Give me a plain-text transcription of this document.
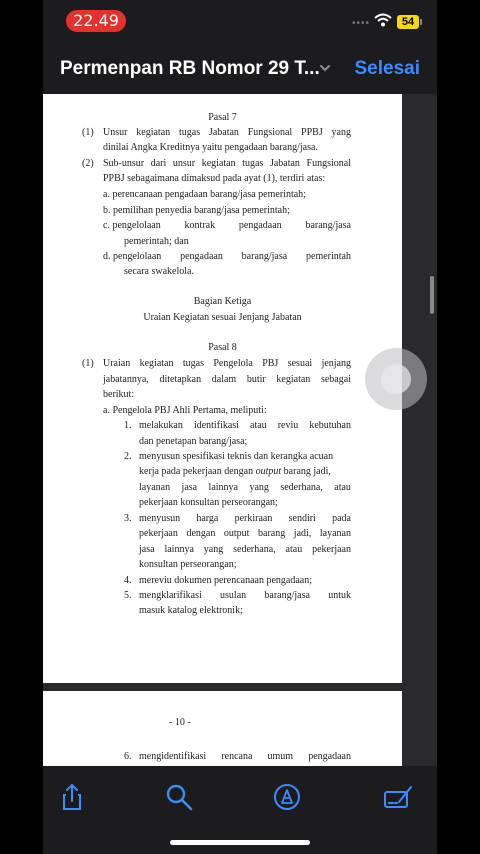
22.49	••••	54
Permenpan RB Nomor 29 T... Selesai
Pasal 7
(1) Unsur kegiatan tugas Jabatan Fungsional PPBJ yang
dinilai Angka Kreditnya yaitu pengadaan barang/jasa.
(2) Sub-unsur dari unsur kegiatan tugas Jabatan Fungsional
PPBJ sebagaimana dimaksud pada ayat (1), terdiri atas:
a. perencanaan pengadaan barang/jasa pemerintah;
b. pemilihan penyedia barang/jasa pemerintah;
c. pengelolaan kontrak pengadaan barang/jasa
pemerintah; dan
d. pengelolaan pengadaan barang/jasa pemerintah
secara swakelola.
Bagian Ketiga
Uraian Kegiatan sesuai Jenjang Jabatan
Pasal 8
(1) Uraian kegiatan tugas Pengelola PBJ sesuai jenjang
jabatannya, ditetapkan dalam butir kegiatan sebagai
berikut:
a. Pengelola PBJ Ahli Pertama, meliputi:
1. melakukan identifikasi atau reviu kebutuhan
dan penetapan barang/jasa;
2. menyusun spesifikasi teknis dan kerangka acuan
kerja pada pekerjaan dengan output barang jadi,
layanan jasa lainnya yang sederhana, atau
pekerjaan konsultan perseorangan;
3. menyusun harga perkiraan sendiri pada
pekerjaan dengan output barang jadi, layanan
jasa lainnya yang sederhana, atau pekerjaan
konsultan perseorangan;
4. mereviu dokumen perencanaan pengadaan;
5. mengklarifikasi usulan barang/jasa untuk
masuk katalog elektronik;
- 10 -
6. mengidentifikasi rencana umum pengadaan
